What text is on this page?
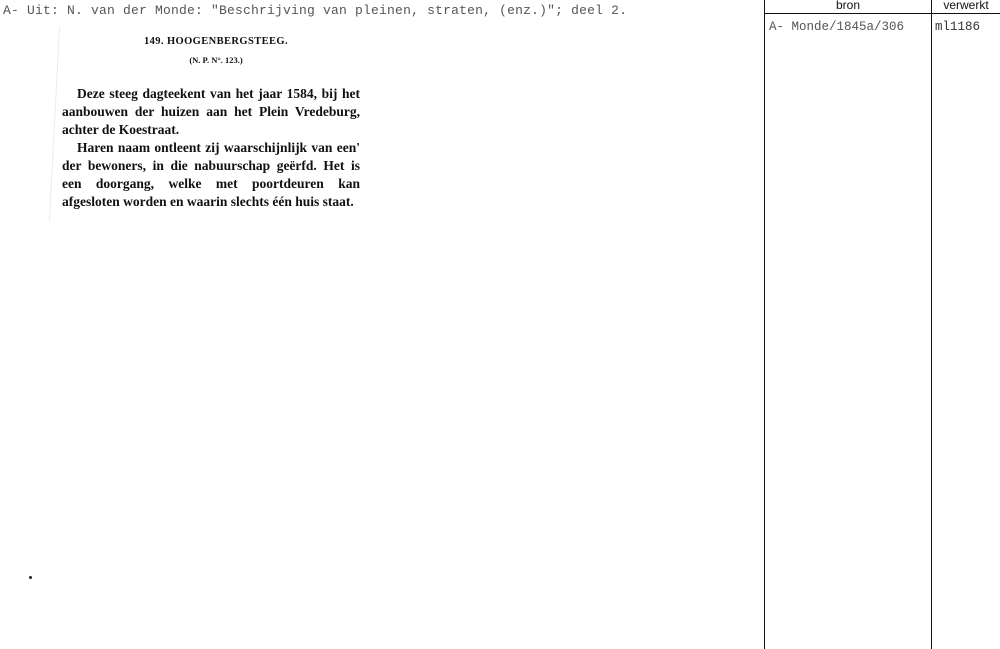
A- Uit: N. van der Monde: "Beschrijving van pleinen, straten, (enz.)"; deel 2.
149. HOOGENBERGSTEEG.
(N. P. N°. 123.)

Deze steeg dagteekent van het jaar 1584, bij het aanbouwen der huizen aan het Plein Vredeburg, achter de Koestraat.

Haren naam ontleent zij waarschijnlijk van een' der bewoners, in die nabuurschap geërfd. Het is een doorgang, welke met poortdeuren kan afgesloten worden en waarin slechts één huis staat.

bron	verwerkt
A- Monde/1845a/306 ml1186
